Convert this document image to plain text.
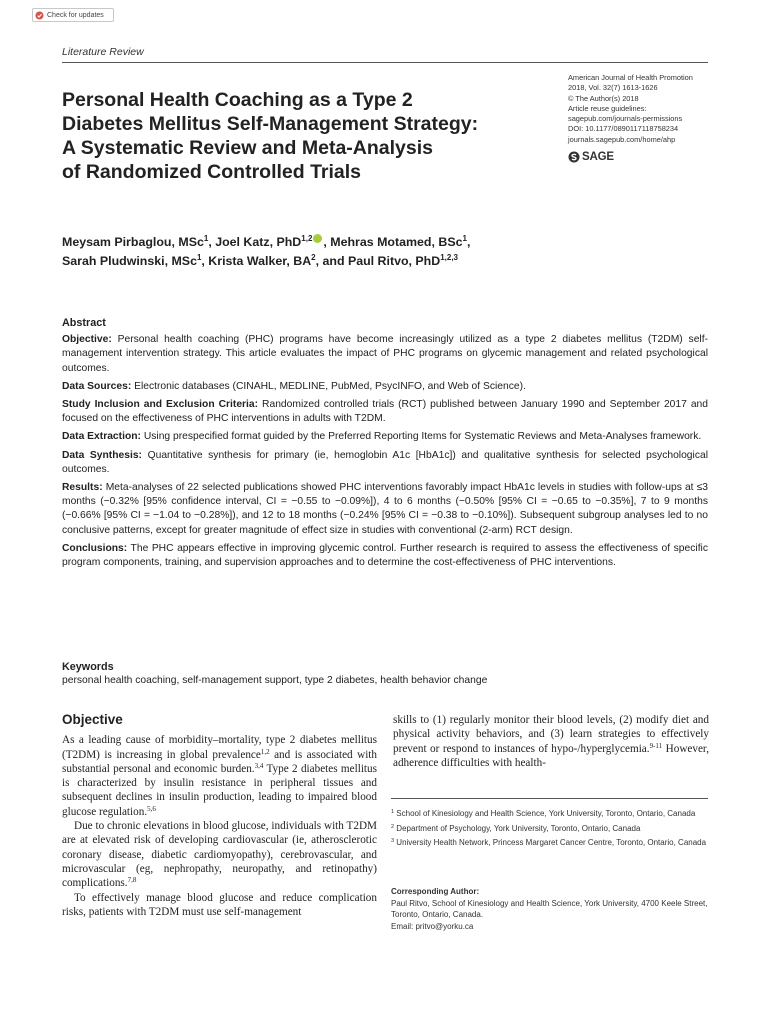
Check for updates
Literature Review
American Journal of Health Promotion
2018, Vol. 32(7) 1613-1626
© The Author(s) 2018
Article reuse guidelines:
sagepub.com/journals-permissions
DOI: 10.1177/0890117118758234
journals.sagepub.com/home/ahp
SAGE
Personal Health Coaching as a Type 2
Diabetes Mellitus Self-Management Strategy:
A Systematic Review and Meta-Analysis
of Randomized Controlled Trials
Meysam Pirbaglou, MSc$^1$, Joel Katz, PhD$^{1,2}$ , Mehras Motamed, BSc$^1$,
Sarah Pludwinski, MSc$^1$, Krista Walker, $BA^2$, and Paul Ritvo, PhD$^{1,2,3}$
Abstract

Objective: Personal health coaching (PHC) programs have become increasingly utilized as a type 2 diabetes mellitus (T2DM) self-management intervention strategy. This article evaluates the impact of PHC programs on glycemic management and related psychological outcomes.

Data Sources: Electronic databases (CINAHL, MEDLINE, PubMed, PsycINFO, and Web of Science).

Study Inclusion and Exclusion Criteria: Randomized controlled trials (RCT) published between January 1990 and September 2017 and focused on the effectiveness of PHC interventions in adults with T2DM.

Data Extraction: Using prespecified format guided by the Preferred Reporting Items for Systematic Reviews and Meta-Analyses framework.

Data Synthesis: Quantitative synthesis for primary (ie, hemoglobin A1c [HbA1c]) and qualitative synthesis for selected psychological outcomes.

Results: Meta-analyses of 22 selected publications showed PHC interventions favorably impact HbA1c levels in studies with follow-ups at ≤3 months (−0.32% [95% confidence interval, CI = −0.55 to −0.09%]), 4 to 6 months (−0.50% [95% CI = −0.65 to −0.35%], 7 to 9 months (−0.66% [95% CI = −1.04 to −0.28%]), and 12 to 18 months (−0.24% [95% CI = −0.38 to −0.10%]). Subsequent subgroup analyses led to no conclusive patterns, except for greater magnitude of effect size in studies with conventional (2-arm) RCT design.

Conclusions: The PHC appears effective in improving glycemic control. Further research is required to assess the effectiveness of specific program components, training, and supervision approaches and to determine the cost-effectiveness of PHC interventions.

Keywords
personal health coaching, self-management support, type 2 diabetes, health behavior change
Objective

As a leading cause of morbidity–mortality, type 2 diabetes mellitus (T2DM) is increasing in global prevalence$^{1,2}$ and is associated with substantial personal and economic burden.$^{3,4}$ Type 2 diabetes mellitus is characterized by insulin resistance in peripheral tissues and subsequent declines in insulin production, leading to impaired blood glucose regulation.$^{5,6}$

Due to chronic elevations in blood glucose, individuals with T2DM are at elevated risk of developing cardiovascular (ie, atherosclerotic coronary disease, diabetic cardiomyopathy), cerebrovascular, and microvascular (eg, nephropathy, neuropathy, and retinopathy) complications.$^{7,8}$

To effectively manage blood glucose and reduce complication risks, patients with T2DM must use self-management

skills to (1) regularly monitor their blood levels, (2) modify diet and physical activity behaviors, and (3) learn strategies to effectively prevent or respond to instances of hypo-/hyperglycemia.$^{9-11}$ However, adherence difficulties with health-

$^1$ School of Kinesiology and Health Science, York University, Toronto, Ontario, Canada
$^2$ Department of Psychology, York University, Toronto, Ontario, Canada
$^3$ University Health Network, Princess Margaret Cancer Centre, Toronto, Ontario, Canada
Corresponding Author:
Paul Ritvo, School of Kinesiology and Health Science, York University, 4700 Keele Street, Toronto, Ontario, Canada.
Email: pritvo@yorku.ca
